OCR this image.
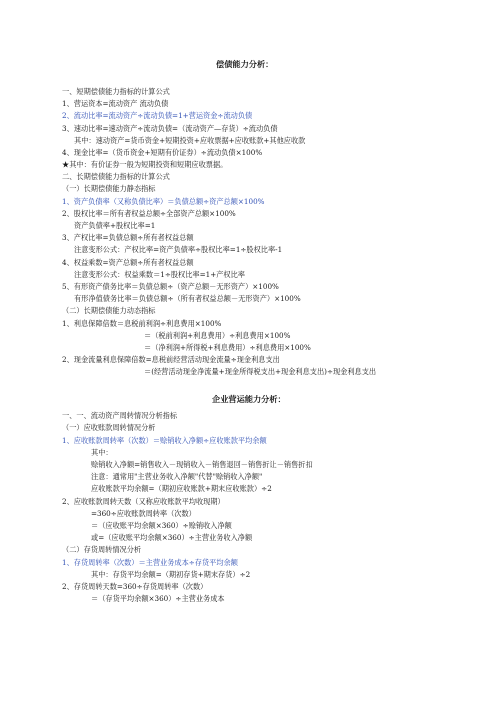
偿债能力分析：
一、短期偿债能力指标的计算公式
1、营运资本=流动资产 流动负债
2、流动比率=流动资产÷流动负债=1+营运资金÷流动负债
3、速动比率=速动资产÷流动负债=（流动资产—存货）÷流动负债
其中：速动资产=货币资金+短期投资+应收票据+应收账款+其他应收款
4、现金比率=（货币资金+短期有价证券）÷流动负债×100%
★其中：有价证券一般为短期投资和短期应收票据。
二、长期偿债能力指标的计算公式
（一）长期偿债能力静态指标
1、资产负债率（又称负债比率）＝负债总额÷资产总额×100%
2、股权比率＝所有者权益总额÷全部资产总额×100%
资产负债率+股权比率=1
3、产权比率=负债总额÷所有者权益总额
注意变形公式：产权比率=资产负债率÷股权比率=1÷股权比率-1
4、权益乘数=资产总额÷所有者权益总额
注意变形公式：权益乘数＝1÷股权比率=1+产权比率
5、有形资产债务比率＝负债总额÷（资产总额－无形资产）×100%
有形净值债务比率＝负债总额÷（所有者权益总额－无形资产）×100%
（二）长期偿债能力动态指标
1、利息保障倍数＝息税前利润÷利息费用×100%
＝（税前利润+利息费用）÷利息费用×100%
＝（净利润+所得税+利息费用）÷利息费用×100%
2、现金流量利息保障倍数=息税前经营活动现金流量÷现金利息支出
＝(经营活动现金净流量+现金所得税支出+现金利息支出)÷现金利息支出
企业营运能力分析：
一、一、流动资产周转情况分析指标
（一）应收账款周转情况分析
1、应收账款周转率（次数）＝赊销收入净额÷应收账款平均余额
其中：
赊销收入净额=销售收入－现销收入－销售退回－销售折让－销售折扣
注意：通常用"主营业务收入净额"代替"赊销收入净额"
应收账款平均余额=（期初应收账款+期末应收账款）÷2
2、应收账款周转天数（又称应收账款平均收现期）
=360÷应收账款周转率（次数）
＝（应收账平均余额×360）÷赊销收入净额
或=（应收账平均余额×360）÷主营业务收入净额
（二）存货周转情况分析
1、存货周转率（次数）＝主营业务成本÷存货平均余额
其中：存货平均余额=（期初存货+期末存货）÷2
2、存货周转天数=360÷存货周转率（次数）
＝（存货平均余额×360）÷主营业务成本
